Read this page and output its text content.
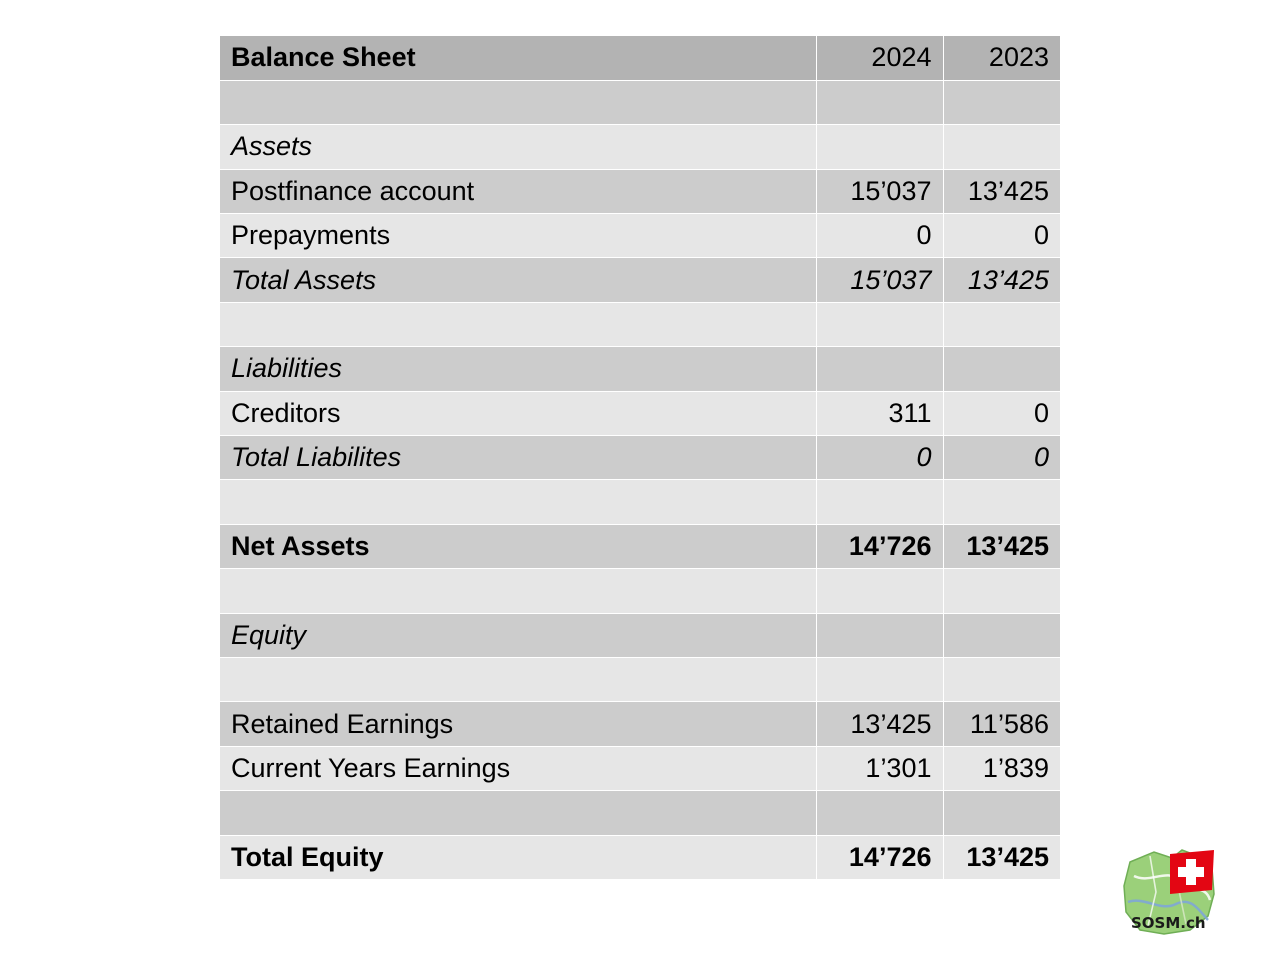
Balance Sheet	2024	2023

Assets		
Postfinance account	15’037	13’425
Prepayments	0	0
Total Assets	15’037	13’425

Liabilities		
Creditors	311	0
Total Liabilites	0	0

Net Assets	14’726	13’425

Equity		

Retained Earnings	13’425	11’586
Current Years Earnings	1’301	1’839

Total Equity	14’726	13’425
SOSM.ch
